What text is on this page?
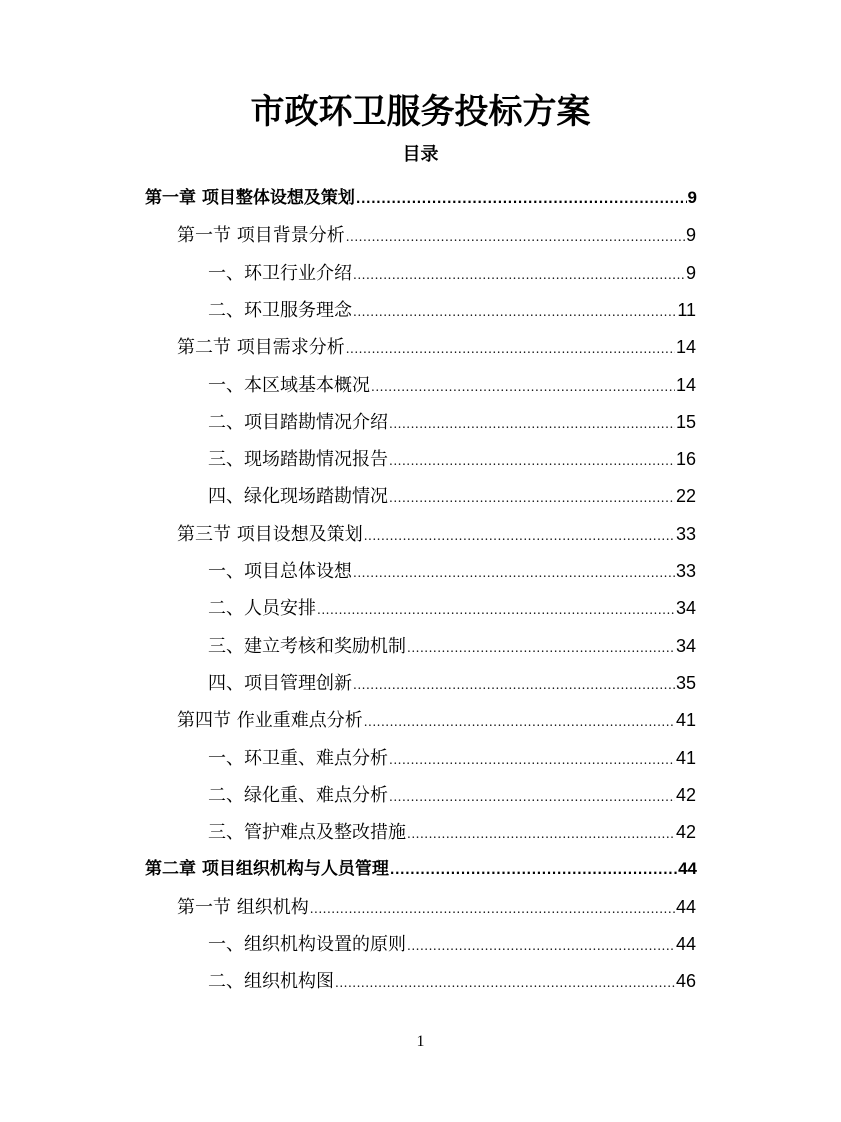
市政环卫服务投标方案
目录
第一章 项目整体设想及策划 .....	9
第一节 项目背景分析 .....	9
一、环卫行业介绍 .....	9
二、环卫服务理念 .....	11
第二节 项目需求分析 .....	14
一、本区域基本概况 .....	14
二、项目踏勘情况介绍 .....	15
三、现场踏勘情况报告 .....	16
四、绿化现场踏勘情况 .....	22
第三节 项目设想及策划 .....	33
一、项目总体设想 .....	33
二、人员安排 .....	34
三、建立考核和奖励机制 .....	34
四、项目管理创新 .....	35
第四节 作业重难点分析 .....	41
一、环卫重、难点分析 .....	41
二、绿化重、难点分析 .....	42
三、管护难点及整改措施 .....	42
第二章 项目组织机构与人员管理 .....	44
第一节 组织机构 .....	44
一、组织机构设置的原则 .....	44
二、组织机构图 .....	46
1
